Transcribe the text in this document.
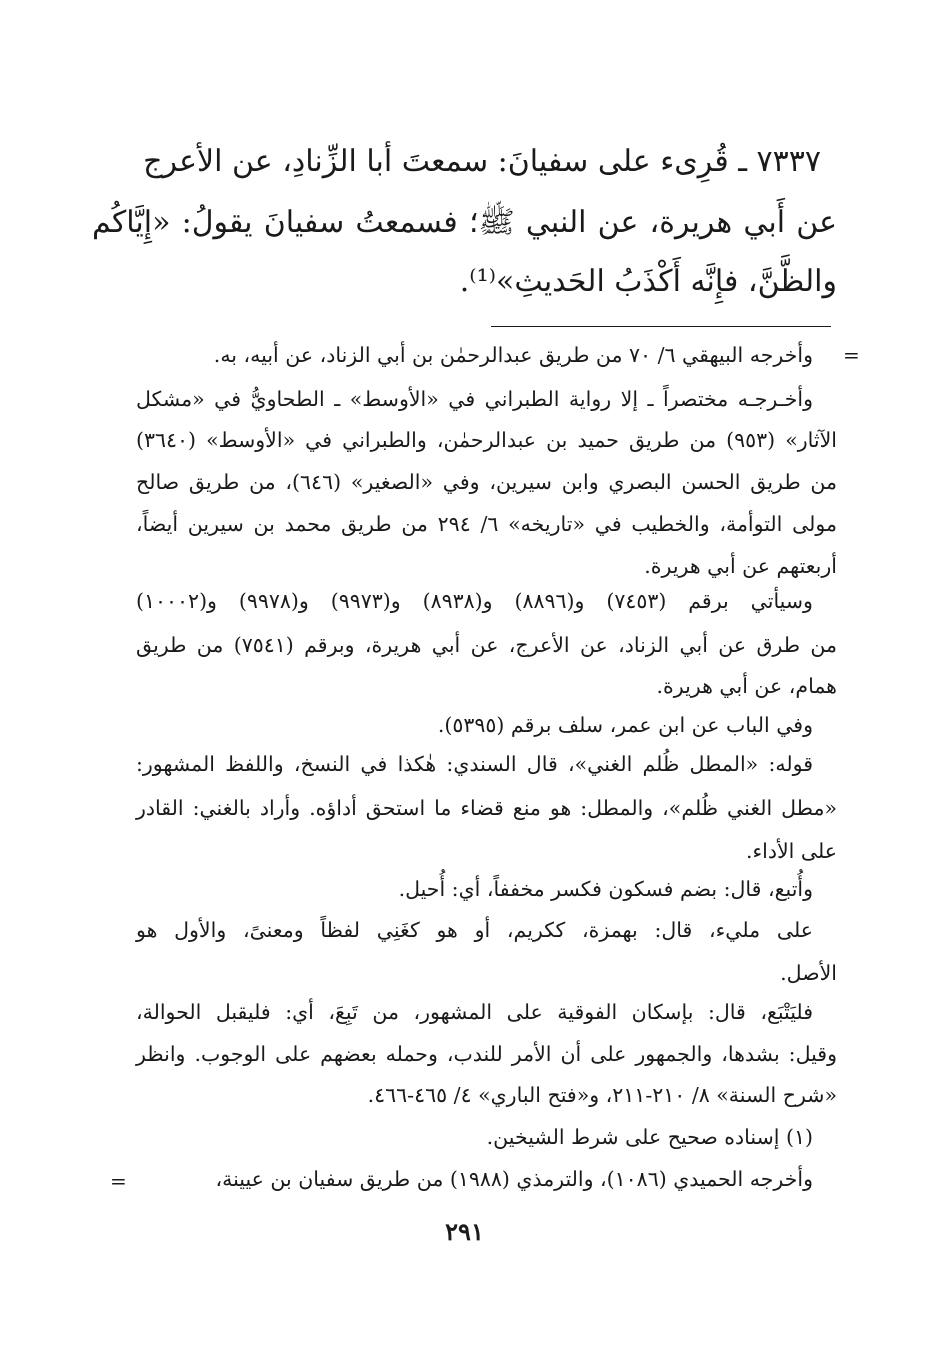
٧٣٣٧ ـ قُرِىء على سفيانَ: سمعتَ أبا الزِّنادِ، عن الأعرج
عن أَبي هريرة، عن النبي ﷺ؛ فسمعتُ سفيانَ يقولُ: «إِيَّاكُم
والظَّنَّ، فإِنَّه أَكْذَبُ الحَديثِ»⁽¹⁾.
=
وأخرجه البيهقي ٦/ ٧٠ من طريق عبدالرحمٰن بن أبي الزناد، عن أبيه، به.
وأخـرجـه مختصراً ـ إلا رواية الطبراني في «الأوسط» ـ الطحاويُّ في «مشكل
الآثار» (٩٥٣) من طريق حميد بن عبدالرحمٰن، والطبراني في «الأوسط» (٣٦٤٠)
من طريق الحسن البصري وابن سيرين، وفي «الصغير» (٦٤٦)، من طريق صالح
مولى التوأمة، والخطيب في «تاريخه» ٦/ ٢٩٤ من طريق محمد بن سيرين أيضاً،
أربعتهم عن أبي هريرة.
وسيأتي برقم (٧٤٥٣) و(٨٨٩٦) و(٨٩٣٨) و(٩٩٧٣) و(٩٩٧٨) و(١٠٠٠٢)
من طرق عن أبي الزناد، عن الأعرج، عن أبي هريرة، وبرقم (٧٥٤١) من طريق
همام، عن أبي هريرة.
وفي الباب عن ابن عمر، سلف برقم (٥٣٩٥).
قوله: «المطل ظُلم الغني»، قال السندي: هٰكذا في النسخ، واللفظ المشهور:
«مطل الغني ظُلم»، والمطل: هو منع قضاء ما استحق أداؤه. وأراد بالغني: القادر
على الأداء.
وأُتبع، قال: بضم فسكون فكسر مخففاً، أي: أُحيل.
على مليء، قال: بهمزة، ككريم، أو هو كغَنِي لفظاً ومعنىً، والأول هو
الأصل.
فليَتْبَع، قال: بإسكان الفوقية على المشهور، من تَبِعَ، أي: فليقبل الحوالة،
وقيل: بشدها، والجمهور على أن الأمر للندب، وحمله بعضهم على الوجوب. وانظر
«شرح السنة» ٨/ ٢١٠-٢١١، و«فتح الباري» ٤/ ٤٦٥-٤٦٦.
(١) إسناده صحيح على شرط الشيخين.
وأخرجه الحميدي (١٠٨٦)، والترمذي (١٩٨٨) من طريق سفيان بن عيينة،
=
٢٩١
